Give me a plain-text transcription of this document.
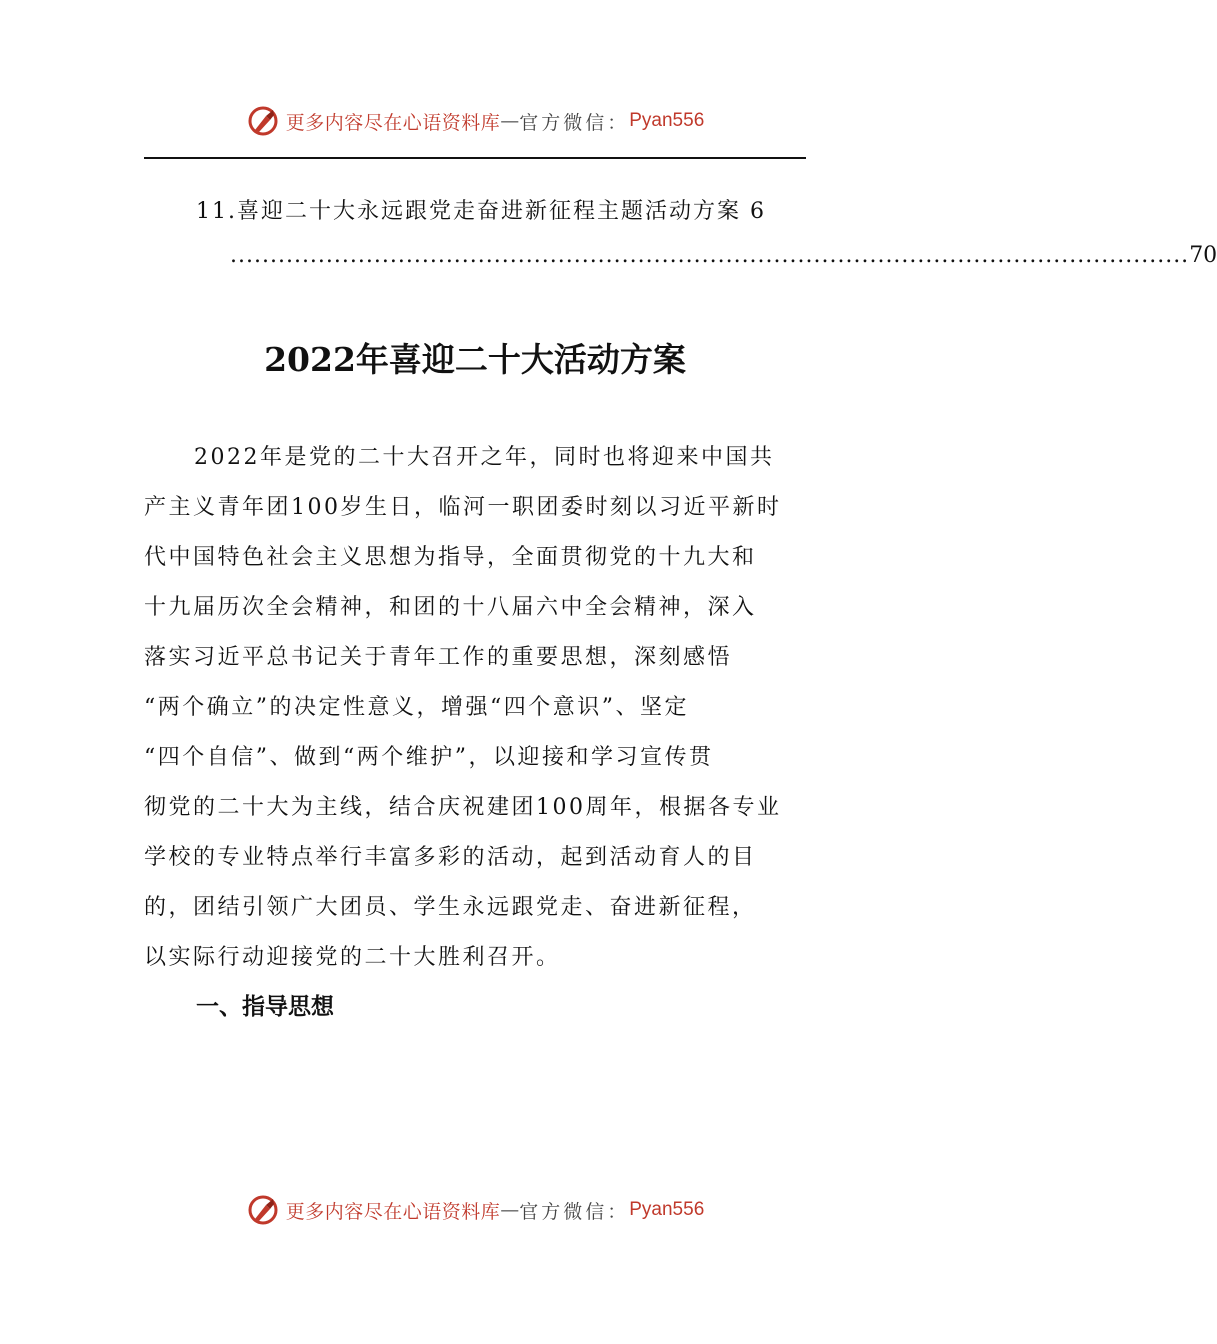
更多内容尽在心语资料库 — 官方微信： Pyan556
11.喜迎二十大永远跟党走奋进新征程主题活动方案 6
........................................................................................................................ 70
2022年喜迎二十大活动方案
2022年是党的二十大召开之年，同时也将迎来中国共
产主义青年团100岁生日，临河一职团委时刻以习近平新时
代中国特色社会主义思想为指导，全面贯彻党的十九大和
十九届历次全会精神，和团的十八届六中全会精神，深入
落实习近平总书记关于青年工作的重要思想，深刻感悟
“两个确立”的决定性意义，增强“四个意识”、坚定
“四个自信”、做到“两个维护”，以迎接和学习宣传贯
彻党的二十大为主线，结合庆祝建团100周年，根据各专业
学校的专业特点举行丰富多彩的活动，起到活动育人的目
的，团结引领广大团员、学生永远跟党走、奋进新征程，
以实际行动迎接党的二十大胜利召开。
一、指导思想
更多内容尽在心语资料库 — 官方微信： Pyan556
